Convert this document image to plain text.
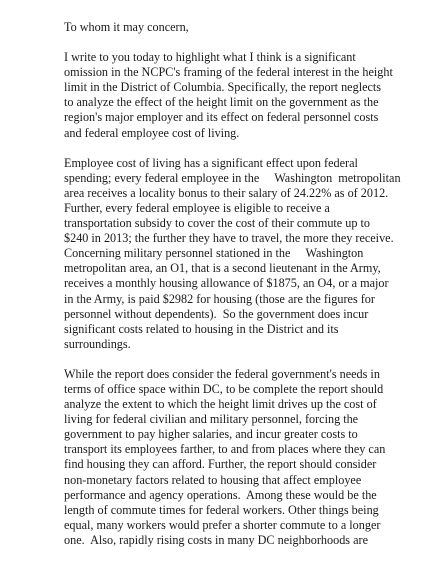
To whom it may concern,
I write to you today to highlight what I think is a significant
omission in the NCPC's framing of the federal interest in the height
limit in the District of Columbia. Specifically, the report neglects
to analyze the effect of the height limit on the government as the
region's major employer and its effect on federal personnel costs
and federal employee cost of living.
Employee cost of living has a significant effect upon federal
spending; every federal employee in the     Washington  metropolitan
area receives a locality bonus to their salary of 24.22% as of 2012.
Further, every federal employee is eligible to receive a
transportation subsidy to cover the cost of their commute up to
$240 in 2013; the further they have to travel, the more they receive.
Concerning military personnel stationed in the     Washington
metropolitan area, an O1, that is a second lieutenant in the Army,
receives a monthly housing allowance of $1875, an O4, or a major
in the Army, is paid $2982 for housing (those are the figures for
personnel without dependents).  So the government does incur
significant costs related to housing in the District and its
surroundings.
While the report does consider the federal government's needs in
terms of office space within DC, to be complete the report should
analyze the extent to which the height limit drives up the cost of
living for federal civilian and military personnel, forcing the
government to pay higher salaries, and incur greater costs to
transport its employees farther, to and from places where they can
find housing they can afford. Further, the report should consider
non-monetary factors related to housing that affect employee
performance and agency operations.  Among these would be the
length of commute times for federal workers. Other things being
equal, many workers would prefer a shorter commute to a longer
one.  Also, rapidly rising costs in many DC neighborhoods are
